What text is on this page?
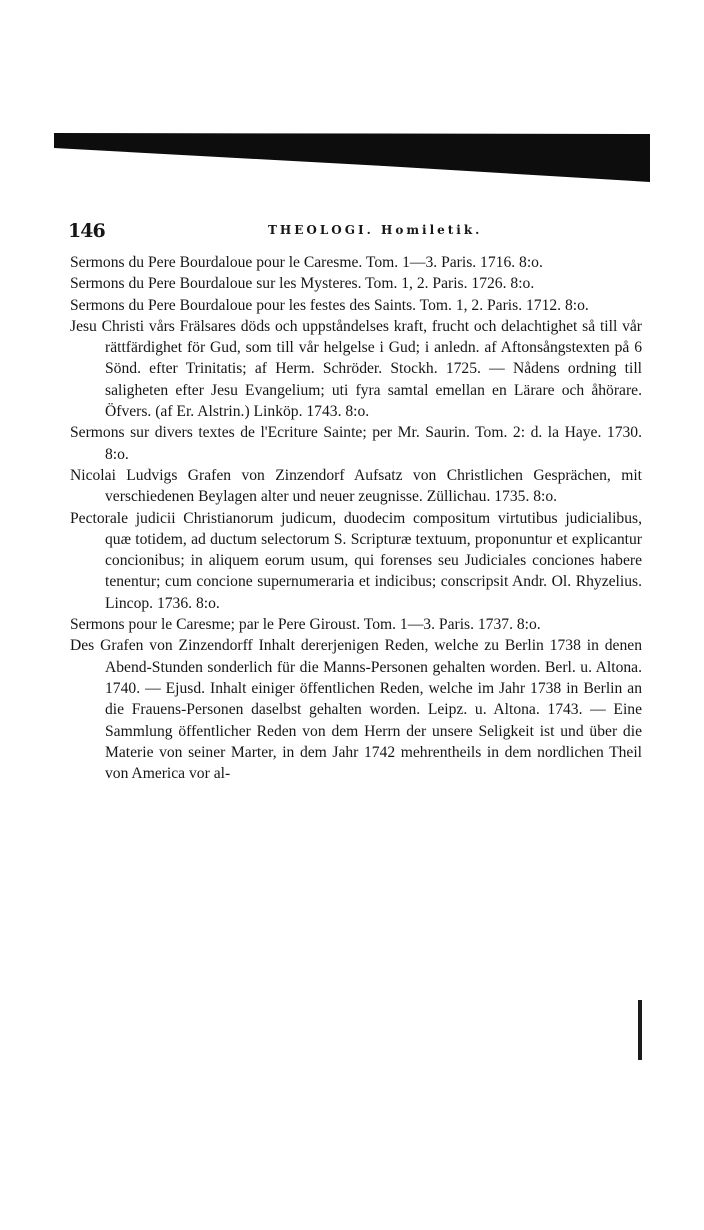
146	THEOLOGI. Homiletik.

Sermons du Pere Bourdaloue pour le Caresme. Tom. 1—3. Paris. 1716. 8:o.

Sermons du Pere Bourdaloue sur les Mysteres. Tom. 1, 2. Paris. 1726. 8:o.

Sermons du Pere Bourdaloue pour les festes des Saints. Tom. 1, 2. Paris. 1712. 8:o.

Jesu Christi vårs Frälsares döds och uppståndelses kraft, frucht och delachtighet så till vår rättfärdighet för Gud, som till vår helgelse i Gud; i anledn. af Aftonsångstexten på 6 Sönd. efter Trinitatis; af Herm. Schröder. Stockh. 1725. — Nådens ordning till saligheten efter Jesu Evangelium; uti fyra samtal emellan en Lärare och åhörare. Öfvers. (af Er. Alstrin.) Linköp. 1743. 8:o.

Sermons sur divers textes de l'Ecriture Sainte; per Mr. Saurin. Tom. 2: d. la Haye. 1730. 8:o.

Nicolai Ludvigs Grafen von Zinzendorf Aufsatz von Christlichen Gesprächen, mit verschiedenen Beylagen alter und neuer zeugnisse. Züllichau. 1735. 8:o.

Pectorale judicii Christianorum judicum, duodecim compositum virtutibus judicialibus, quæ totidem, ad ductum selectorum S. Scripturæ textuum, proponuntur et explicantur concionibus; in aliquem eorum usum, qui forenses seu Judiciales conciones habere tenentur; cum concione supernumeraria et indicibus; conscripsit Andr. Ol. Rhyzelius. Lincop. 1736. 8:o.

Sermons pour le Caresme; par le Pere Giroust. Tom. 1—3. Paris. 1737. 8:o.

Des Grafen von Zinzendorff Inhalt dererjenigen Reden, welche zu Berlin 1738 in denen Abend-Stunden sonderlich für die Manns-Personen gehalten worden. Berl. u. Altona. 1740. — Ejusd. Inhalt einiger öffentlichen Reden, welche im Jahr 1738 in Berlin an die Frauens-Personen daselbst gehalten worden. Leipz. u. Altona. 1743. — Eine Sammlung öffentlicher Reden von dem Herrn der unsere Seligkeit ist und über die Materie von seiner Marter, in dem Jahr 1742 mehrentheils in dem nordlichen Theil von America vor al-
